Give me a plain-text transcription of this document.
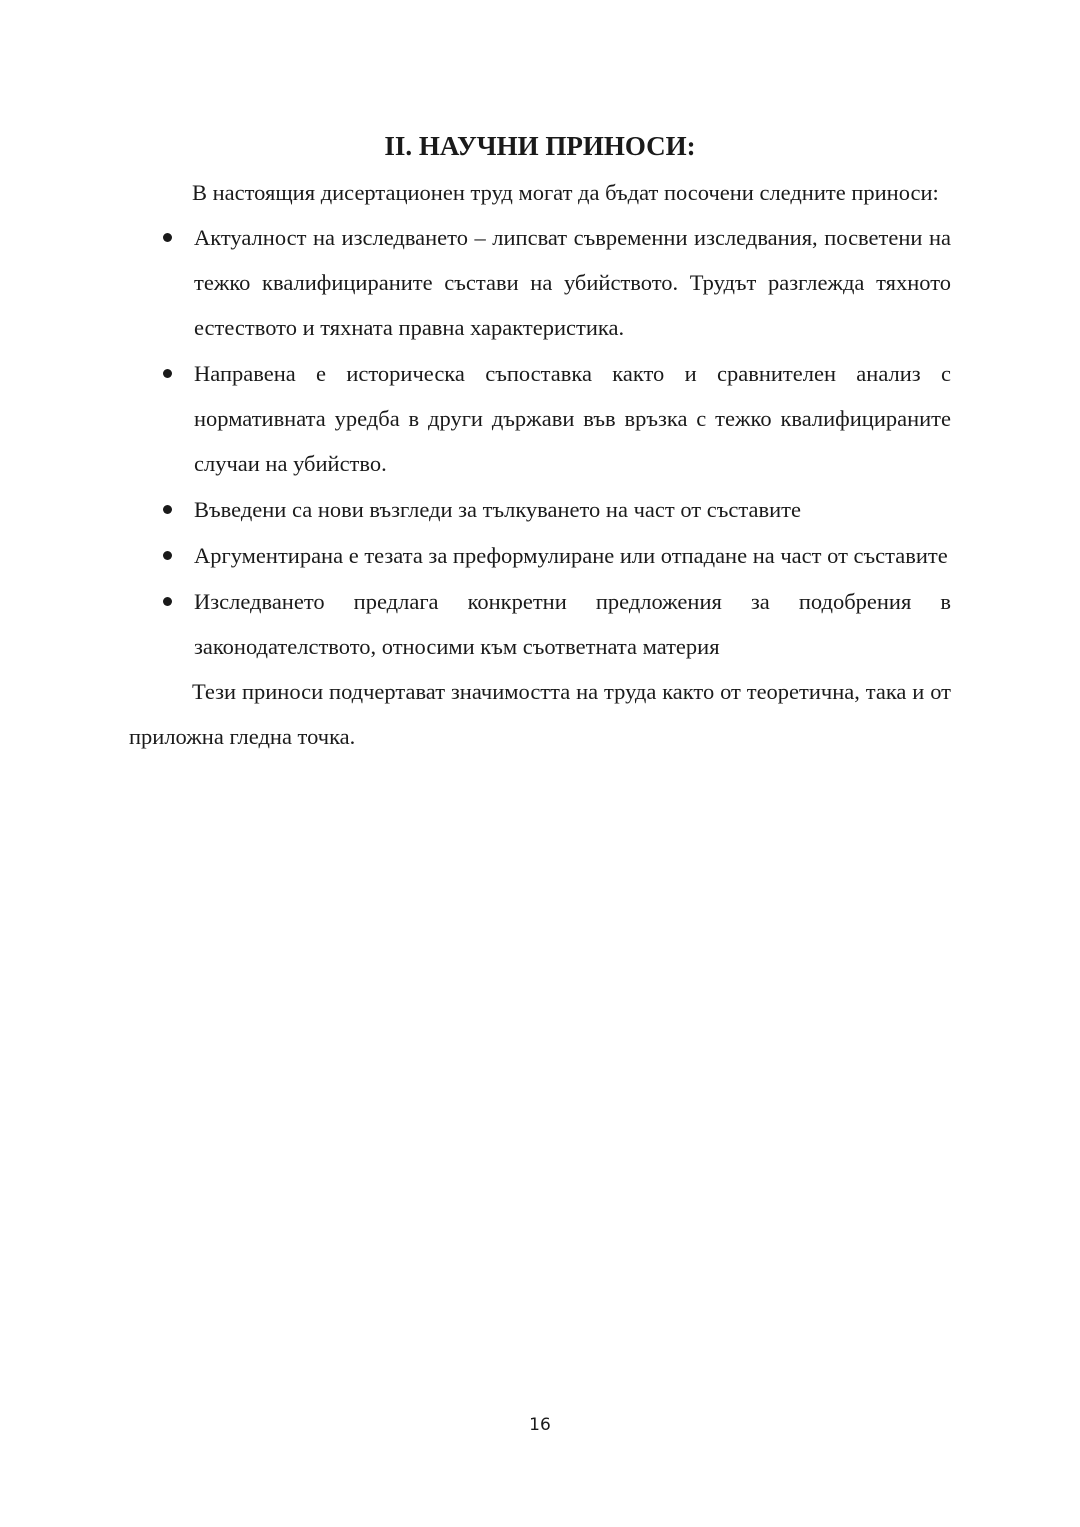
II. НАУЧНИ ПРИНОСИ:

В настоящия дисертационен труд могат да бъдат посочени следните приноси:

Актуалност на изследването – липсват съвременни изследвания, посветени на тежко квалифицираните състави на убийството. Трудът разглежда тяхното естеството и тяхната правна характеристика.
Направена е историческа съпоставка както и сравнителен анализ с нормативната уредба в други държави във връзка с тежко квалифицираните случаи на убийство.
Въведени са нови възгледи за тълкуването на част от съставите
Аргументирана е тезата за преформулиране или отпадане на част от съставите
Изследването предлага конкретни предложения за подобрения в законодателството, относими към съответната материя

Тези приноси подчертават значимостта на труда както от теоретична, така и от приложна гледна точка.

16
